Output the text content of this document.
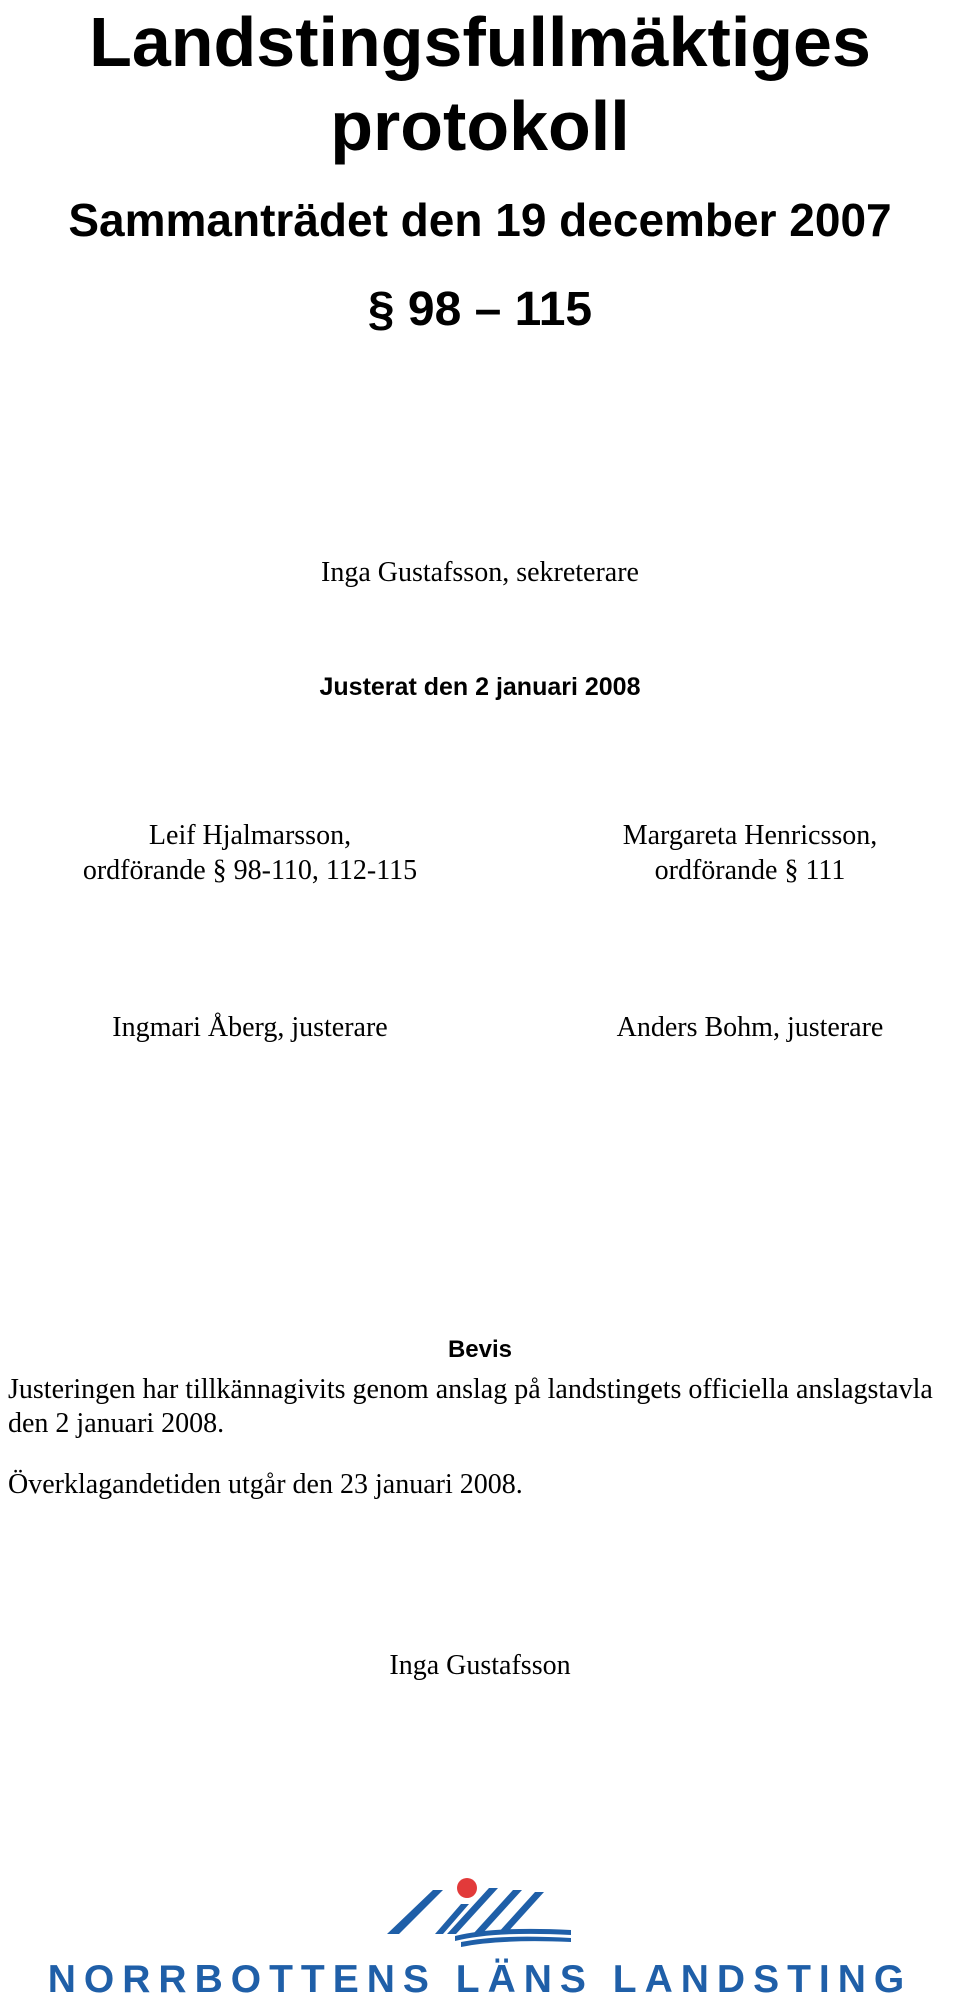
Landstingsfullmäktiges
protokoll
Sammanträdet den 19 december 2007
§ 98 – 115
Inga Gustafsson, sekreterare
Justerat den 2 januari 2008
Leif Hjalmarsson,
ordförande § 98-110, 112-115
Margareta Henricsson,
ordförande § 111
Ingmari Åberg, justerare	Anders Bohm, justerare
Bevis
Justeringen har tillkännagivits genom anslag på landstingets officiella anslagstavla den 2 januari 2008.
Överklagandetiden utgår den 23 januari 2008.
Inga Gustafsson
NORRBOTTENS LÄNS LANDSTING
